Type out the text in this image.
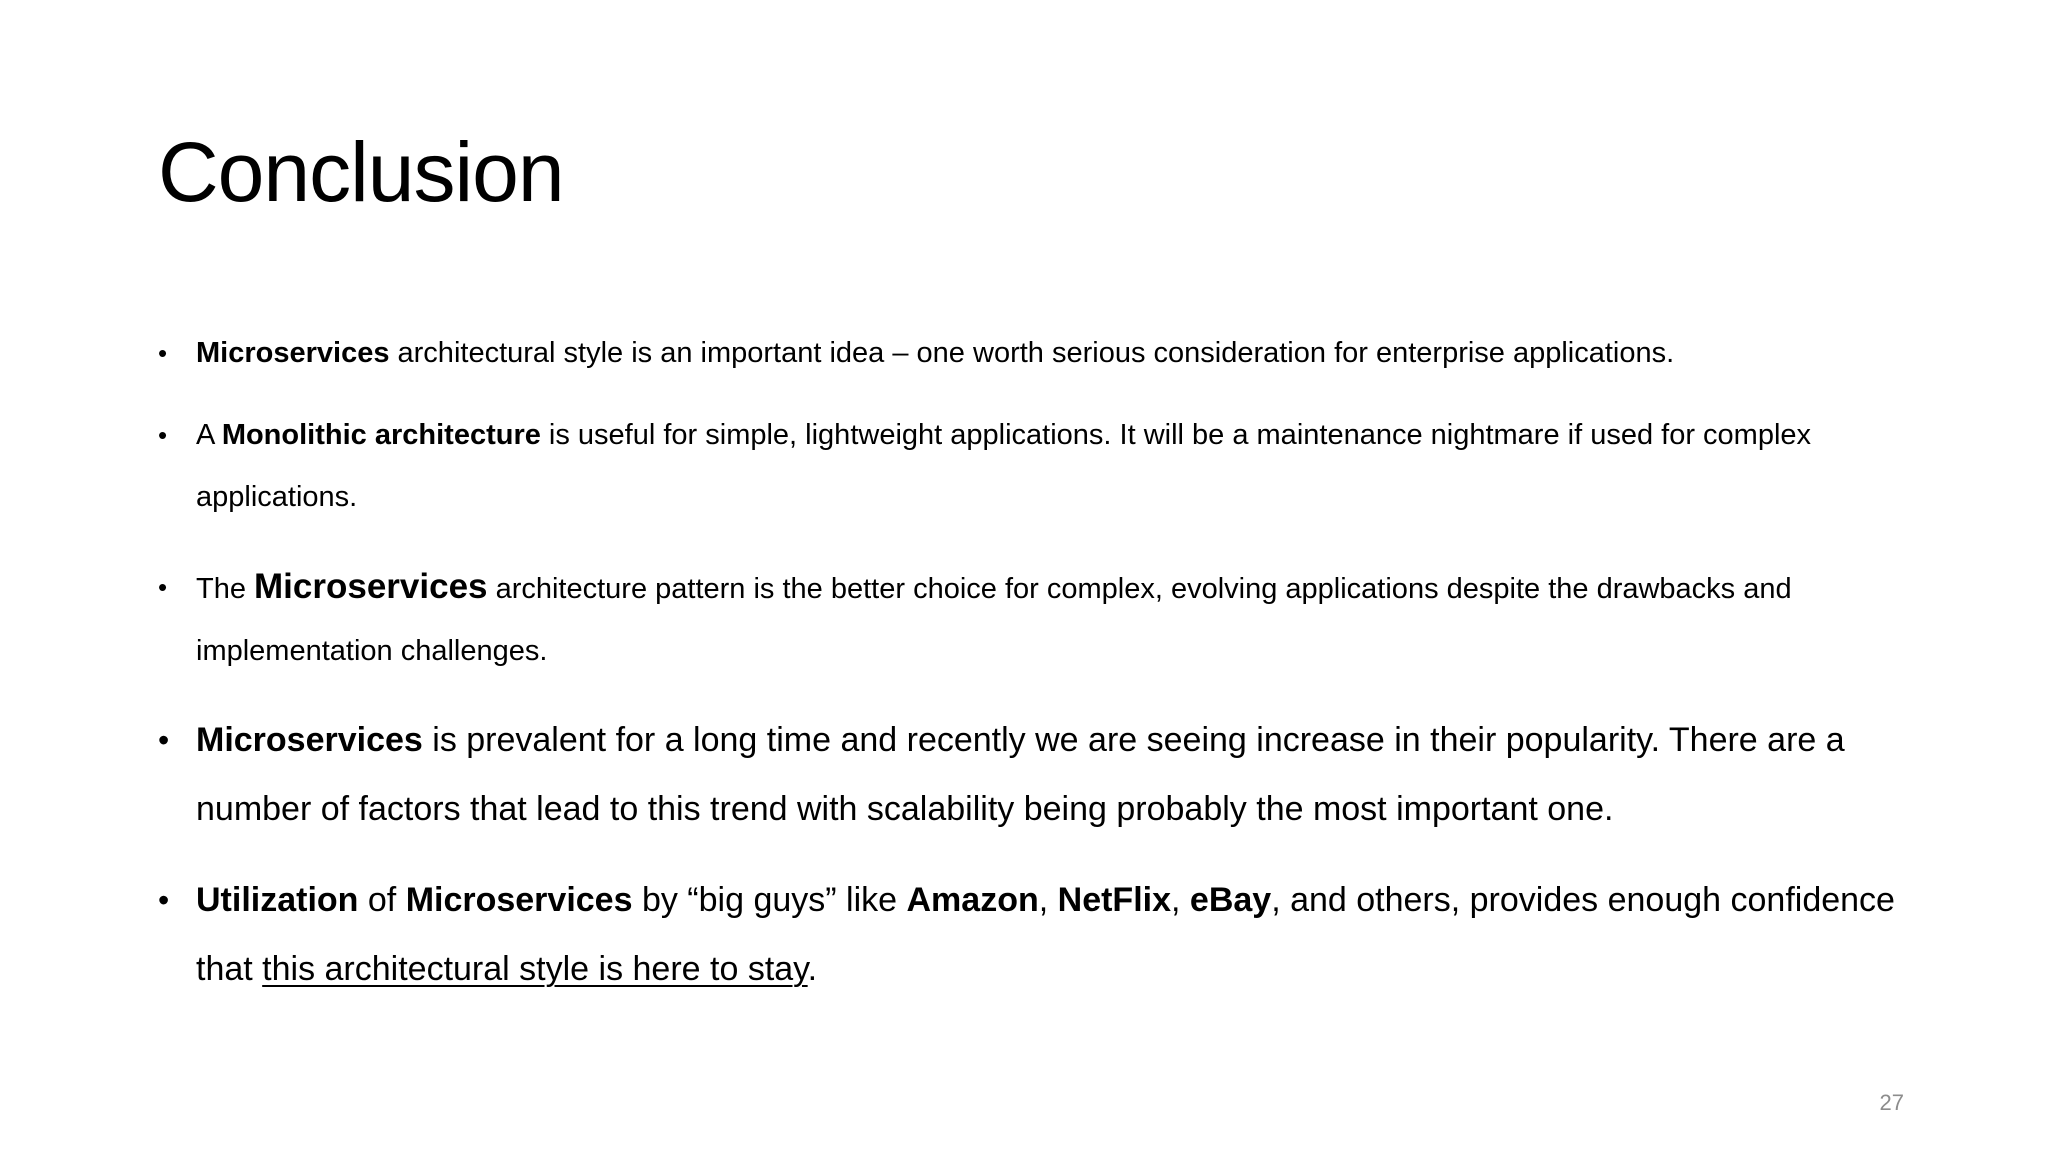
Conclusion
• Microservices architectural style is an important idea – one worth serious consideration for enterprise applications.
• A Monolithic architecture is useful for simple, lightweight applications. It will be a maintenance nightmare if used for complex applications.
• The Microservices architecture pattern is the better choice for complex, evolving applications despite the drawbacks and implementation challenges.
• Microservices is prevalent for a long time and recently we are seeing increase in their popularity. There are a number of factors that lead to this trend with scalability being probably the most important one.
• Utilization of Microservices by “big guys” like Amazon, NetFlix, eBay, and others, provides enough confidence that this architectural style is here to stay.
27
